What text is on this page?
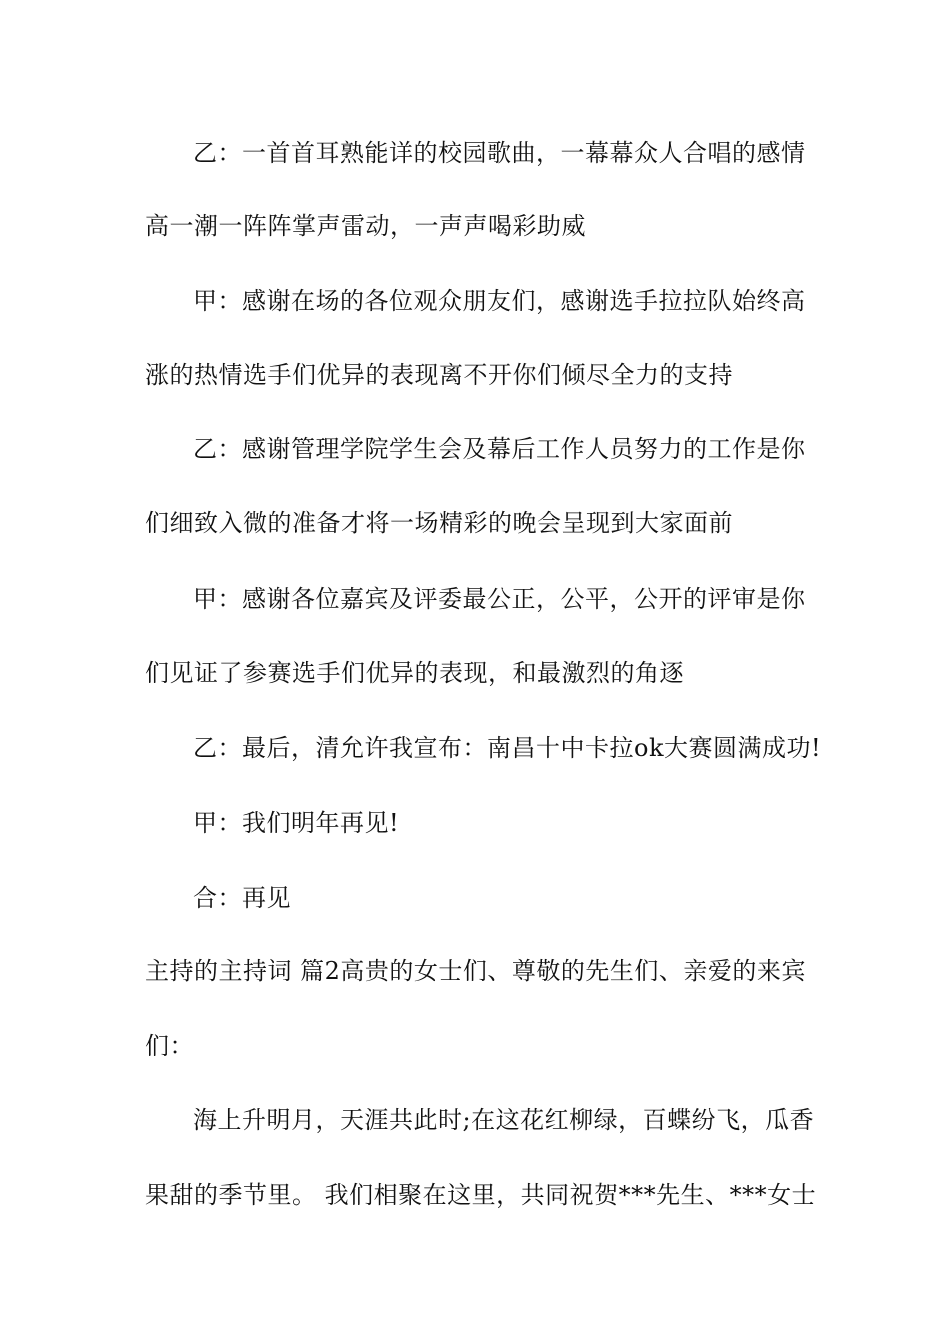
乙：一首首耳熟能详的校园歌曲，一幕幕众人合唱的感情
高一潮一阵阵掌声雷动，一声声喝彩助威
甲：感谢在场的各位观众朋友们，感谢选手拉拉队始终高
涨的热情选手们优异的表现离不开你们倾尽全力的支持
乙：感谢管理学院学生会及幕后工作人员努力的工作是你
们细致入微的准备才将一场精彩的晚会呈现到大家面前
甲：感谢各位嘉宾及评委最公正，公平，公开的评审是你
们见证了参赛选手们优异的表现，和最激烈的角逐
乙：最后，清允许我宣布：南昌十中卡拉ok大赛圆满成功!
甲：我们明年再见!
合：再见
主持的主持词 篇2高贵的女士们、尊敬的先生们、亲爱的来宾
们：
海上升明月，天涯共此时;在这花红柳绿，百蝶纷飞，瓜香
果甜的季节里。 我们相聚在这里，共同祝贺***先生、***女士
